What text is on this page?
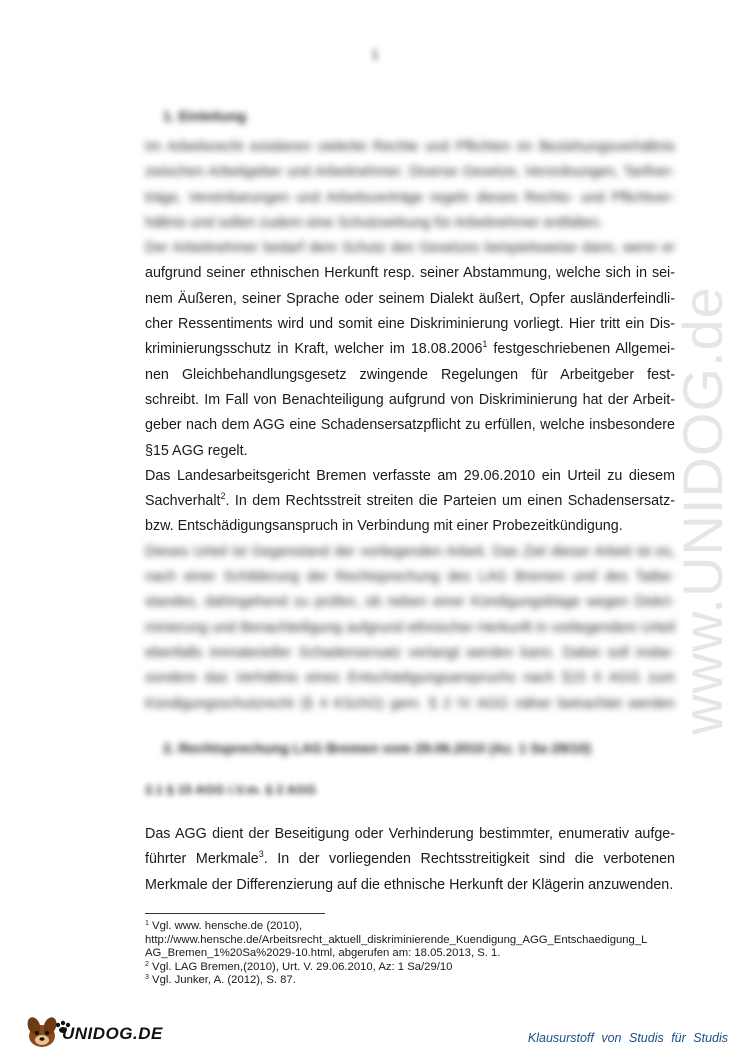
1
www.UNIDOG.de
1. Einleitung
Im Arbeitsrecht existieren vielerlei Rechte und Pflichten im Beziehungsverhältnis
zwischen Arbeitgeber und Arbeitnehmer. Diverse Gesetze, Verordnungen, Tarifver-
träge, Vereinbarungen und Arbeitsverträge regeln dieses Rechts- und Pflichtver-
hältnis und sollen zudem eine Schutzwirkung für Arbeitnehmer entfalten.
Der Arbeitnehmer bedarf dem Schutz des Gesetzes beispielsweise dann, wenn er
aufgrund seiner ethnischen Herkunft resp. seiner Abstammung, welche sich in sei-
nem Äußeren, seiner Sprache oder seinem Dialekt äußert, Opfer ausländerfeindli-
cher Ressentiments wird und somit eine Diskriminierung vorliegt. Hier tritt ein Dis-
kriminierungsschutz in Kraft, welcher im 18.08.2006$^1$ festgeschriebenen Allgemei-
nen Gleichbehandlungsgesetz zwingende Regelungen für Arbeitgeber fest-
schreibt. Im Fall von Benachteiligung aufgrund von Diskriminierung hat der Arbeit-
geber nach dem AGG eine Schadensersatzpflicht zu erfüllen, welche insbesondere
§15 AGG regelt.
Das Landesarbeitsgericht Bremen verfasste am 29.06.2010 ein Urteil zu diesem
Sachverhalt$^2$. In dem Rechtsstreit streiten die Parteien um einen Schadensersatz-
bzw. Entschädigungsanspruch in Verbindung mit einer Probezeitkündigung.
Dieses Urteil ist Gegenstand der vorliegenden Arbeit. Das Ziel dieser Arbeit ist es,
nach einer Schilderung der Rechtsprechung des LAG Bremen und des Tatbe-
standes, dahingehend zu prüfen, ob neben einer Kündigungsklage wegen Diskri-
minierung und Benachteiligung aufgrund ethnischer Herkunft in vorliegendem Urteil
ebenfalls immaterieller Schadensersatz verlangt werden kann. Dabei soll insbe-
sondere das Verhältnis eines Entschädigungsanspruchs nach §15 II AGG zum
Kündigungsschutzrecht (§ 4 KSchG) gem. § 2 IV AGG näher betrachtet werden
2. Rechtsprechung LAG Bremen vom 29.06.2010 (Az. 1 Sa 29/10)
2.1 § 15 AGG i.V.m. § 2 AGG
Das AGG dient der Beseitigung oder Verhinderung bestimmter, enumerativ aufge-
führter Merkmale$^3$. In der vorliegenden Rechtsstreitigkeit sind die verbotenen
Merkmale der Differenzierung auf die ethnische Herkunft der Klägerin anzuwenden.
$^1$ Vgl. www. hensche.de (2010),
http://www.hensche.de/Arbeitsrecht_aktuell_diskriminierende_Kuendigung_AGG_Entschaedigung_L
AG_Bremen_1%20Sa%2029-10.html, abgerufen am: 18.05.2013, S. 1.
$^2$ Vgl. LAG Bremen,(2010), Urt. V. 29.06.2010, Az: 1 Sa/29/10
$^3$ Vgl. Junker, A. (2012), S. 87.
UNIDOG.DE	Klausurstoff von Studis für Studis
